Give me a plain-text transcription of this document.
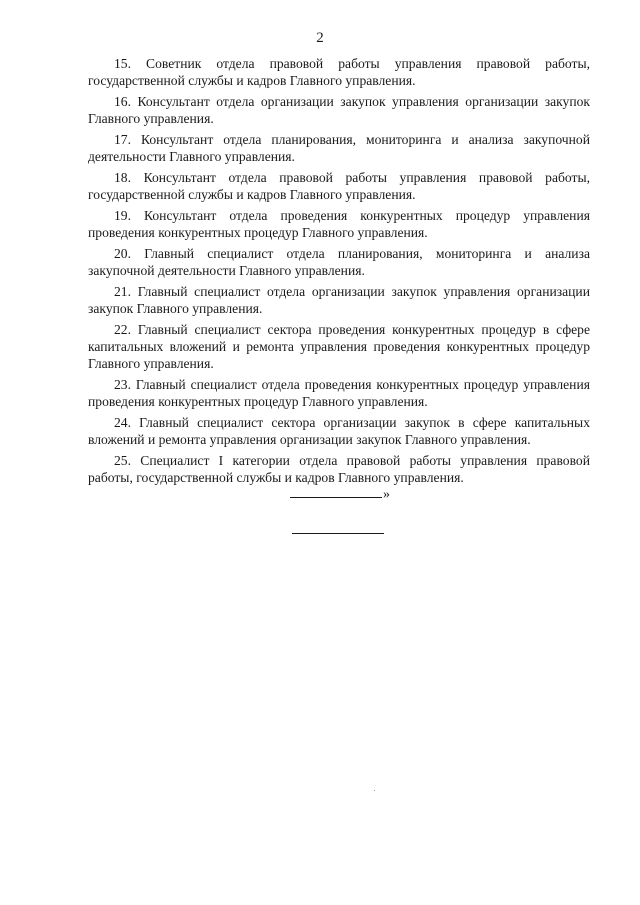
2

15. Советник отдела правовой работы управления правовой работы, государственной службы и кадров Главного управления.

16. Консультант отдела организации закупок управления организации закупок Главного управления.

17. Консультант отдела планирования, мониторинга и анализа закупочной деятельности Главного управления.

18. Консультант отдела правовой работы управления правовой работы, государственной службы и кадров Главного управления.

19. Консультант отдела проведения конкурентных процедур управления проведения конкурентных процедур Главного управления.

20. Главный специалист отдела планирования, мониторинга и анализа закупочной деятельности Главного управления.

21. Главный специалист отдела организации закупок управления организации закупок Главного управления.

22. Главный специалист сектора проведения конкурентных процедур в сфере капитальных вложений и ремонта управления проведения конкурентных процедур Главного управления.

23. Главный специалист отдела проведения конкурентных процедур управления проведения конкурентных процедур Главного управления.

24. Главный специалист сектора организации закупок в сфере капитальных вложений и ремонта управления организации закупок Главного управления.

25. Специалист I категории отдела правовой работы управления правовой работы, государственной службы и кадров Главного управления.

»
